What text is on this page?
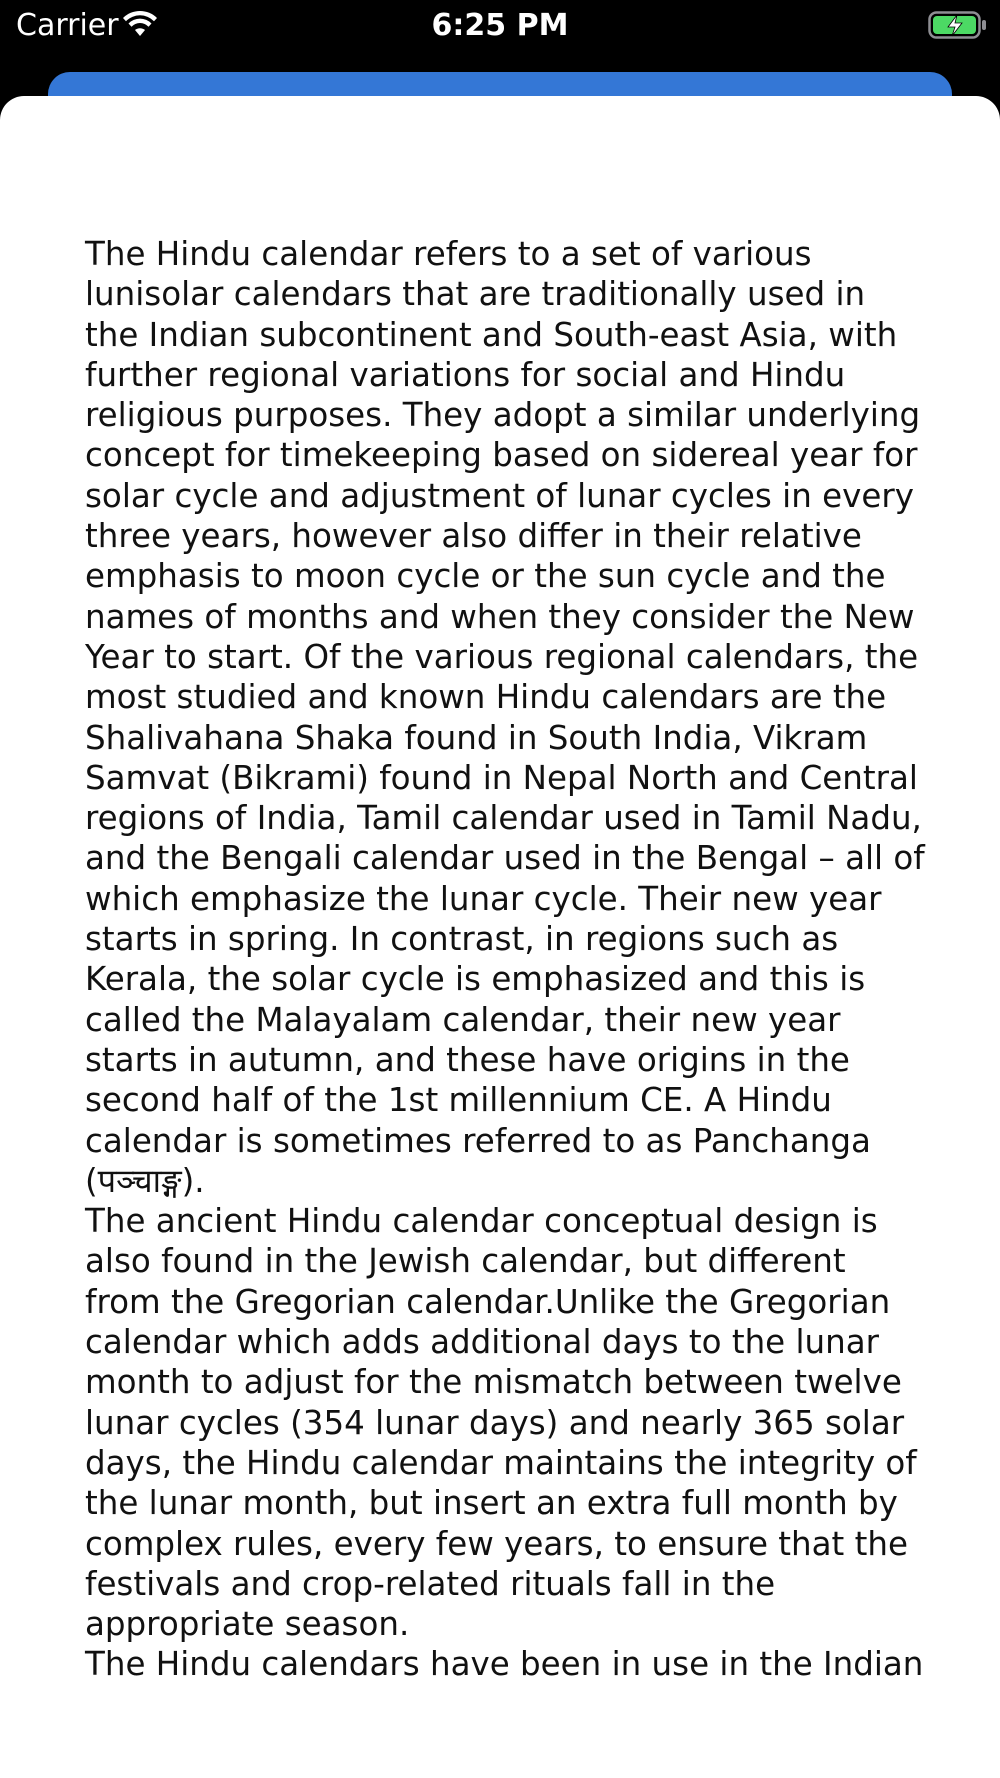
Carrier	6:25 PM

The Hindu calendar refers to a set of various lunisolar calendars that are traditionally used in the Indian subcontinent and South-east Asia, with further regional variations for social and Hindu religious purposes. They adopt a similar underlying concept for timekeeping based on sidereal year for solar cycle and adjustment of lunar cycles in every three years, however also differ in their relative emphasis to moon cycle or the sun cycle and the names of months and when they consider the New Year to start. Of the various regional calendars, the most studied and known Hindu calendars are the Shalivahana Shaka found in South India, Vikram Samvat (Bikrami) found in Nepal North and Central regions of India, Tamil calendar used in Tamil Nadu, and the Bengali calendar used in the Bengal – all of which emphasize the lunar cycle. Their new year starts in spring. In contrast, in regions such as Kerala, the solar cycle is emphasized and this is called the Malayalam calendar, their new year starts in autumn, and these have origins in the second half of the 1st millennium CE. A Hindu calendar is sometimes referred to as Panchanga (पञ्चाङ्ग).
The ancient Hindu calendar conceptual design is also found in the Jewish calendar, but different from the Gregorian calendar.Unlike the Gregorian calendar which adds additional days to the lunar month to adjust for the mismatch between twelve lunar cycles (354 lunar days) and nearly 365 solar days, the Hindu calendar maintains the integrity of the lunar month, but insert an extra full month by complex rules, every few years, to ensure that the festivals and crop-related rituals fall in the appropriate season.
The Hindu calendars have been in use in the Indian
